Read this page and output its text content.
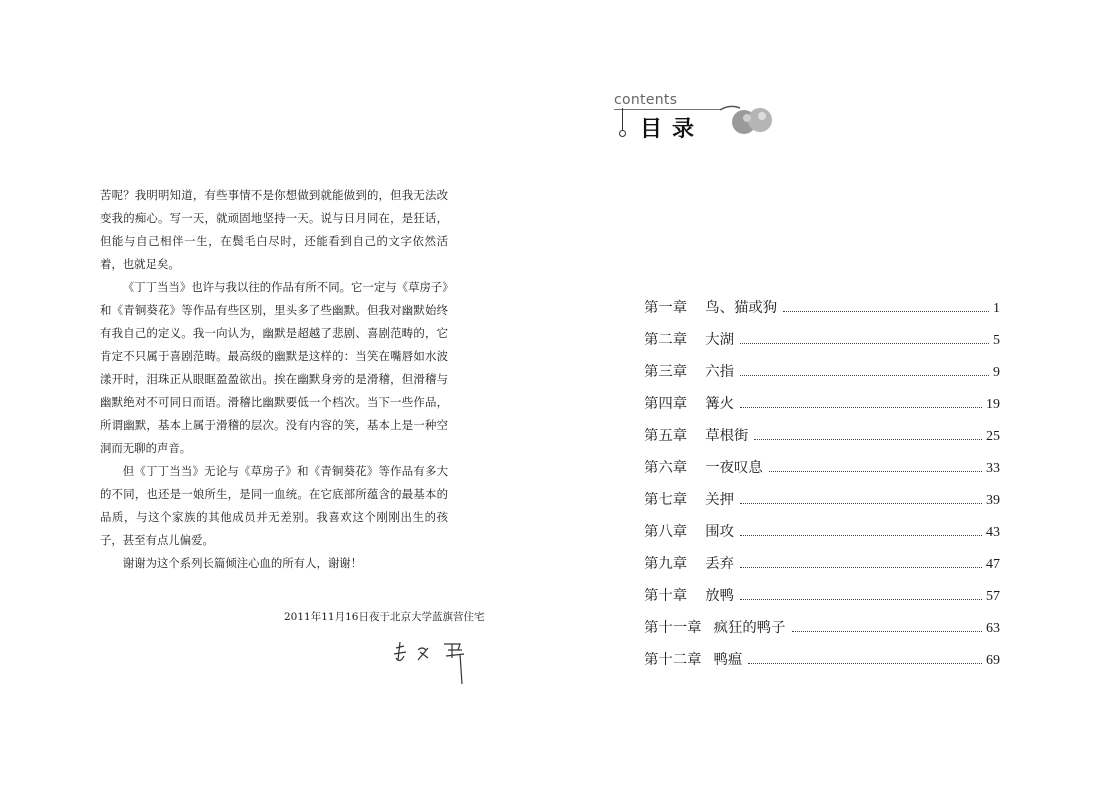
苦呢？我明明知道，有些事情不是你想做到就能做到的，但我无法改变我的痴心。写一天，就顽固地坚持一天。说与日月同在，是狂话，但能与自己相伴一生，在鬓毛白尽时，还能看到自己的文字依然活着，也就足矣。

《丁丁当当》也许与我以往的作品有所不同。它一定与《草房子》和《青铜葵花》等作品有些区别，里头多了些幽默。但我对幽默始终有我自己的定义。我一向认为，幽默是超越了悲剧、喜剧范畴的，它肯定不只属于喜剧范畴。最高级的幽默是这样的：当笑在嘴唇如水波漾开时，泪珠正从眼眶盈盈欲出。挨在幽默身旁的是滑稽，但滑稽与幽默绝对不可同日而语。滑稽比幽默要低一个档次。当下一些作品，所谓幽默，基本上属于滑稽的层次。没有内容的笑，基本上是一种空洞而无聊的声音。

但《丁丁当当》无论与《草房子》和《青铜葵花》等作品有多大的不同，也还是一娘所生，是同一血统。在它底部所蕴含的最基本的品质，与这个家族的其他成员并无差别。我喜欢这个刚刚出生的孩子，甚至有点儿偏爱。

谢谢为这个系列长篇倾注心血的所有人，谢谢！

2011年11月16日夜于北京大学蓝旗营住宅
contents
目录
第一章 鸟、猫或狗	1
第二章 大湖	5
第三章 六指	9
第四章 篝火	19
第五章 草根街	25
第六章 一夜叹息	33
第七章 关押	39
第八章 围攻	43
第九章 丢弃	47
第十章 放鸭	57
第十一章 疯狂的鸭子	63
第十二章 鸭瘟	69
